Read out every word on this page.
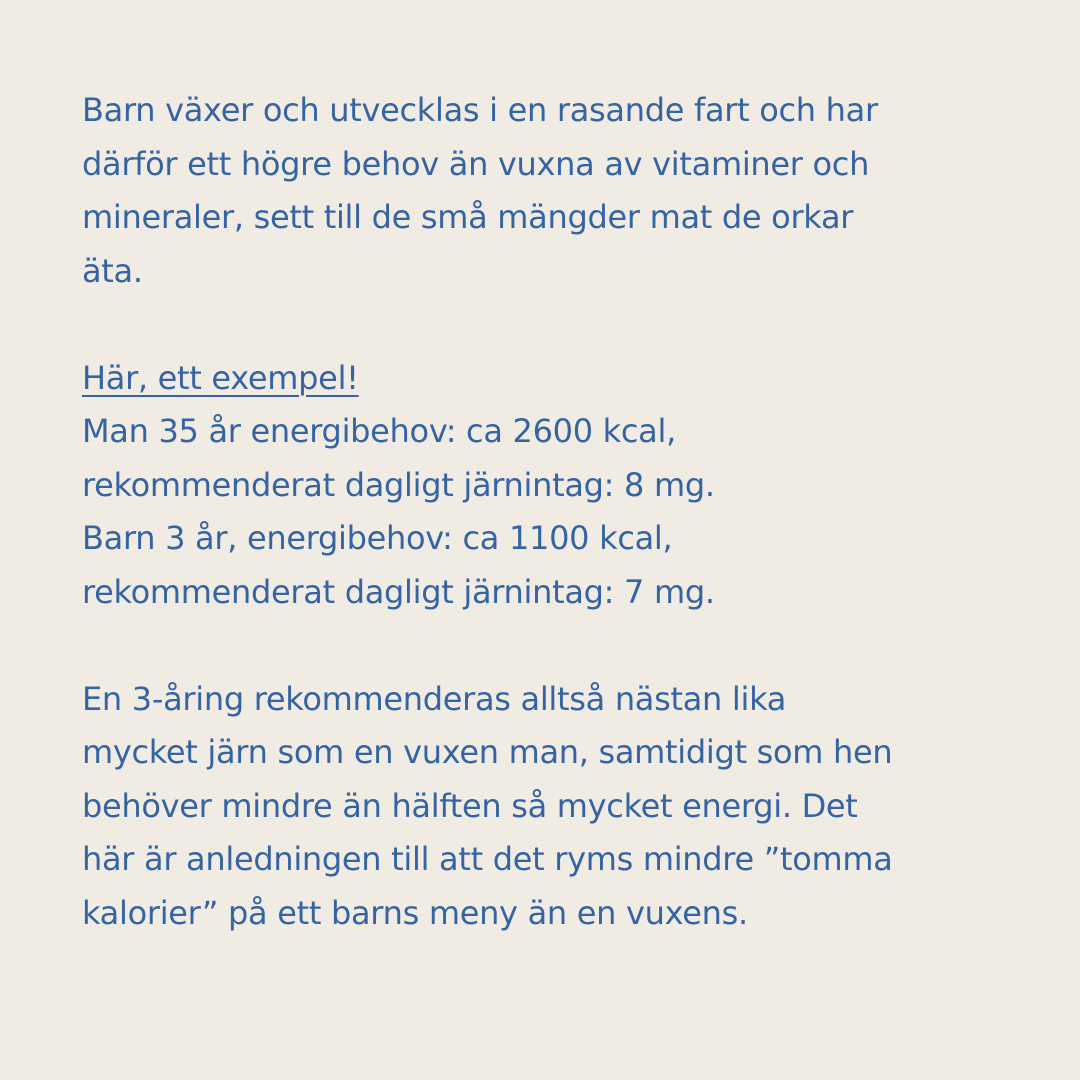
Barn växer och utvecklas i en rasande fart och har
därför ett högre behov än vuxna av vitaminer och
mineraler, sett till de små mängder mat de orkar
äta.

Här, ett exempel!
Man 35 år energibehov: ca 2600 kcal,
rekommenderat dagligt järnintag: 8 mg.
Barn 3 år, energibehov: ca 1100 kcal,
rekommenderat dagligt järnintag: 7 mg.

En 3-åring rekommenderas alltså nästan lika
mycket järn som en vuxen man, samtidigt som hen
behöver mindre än hälften så mycket energi. Det
här är anledningen till att det ryms mindre ”tomma
kalorier” på ett barns meny än en vuxens.
